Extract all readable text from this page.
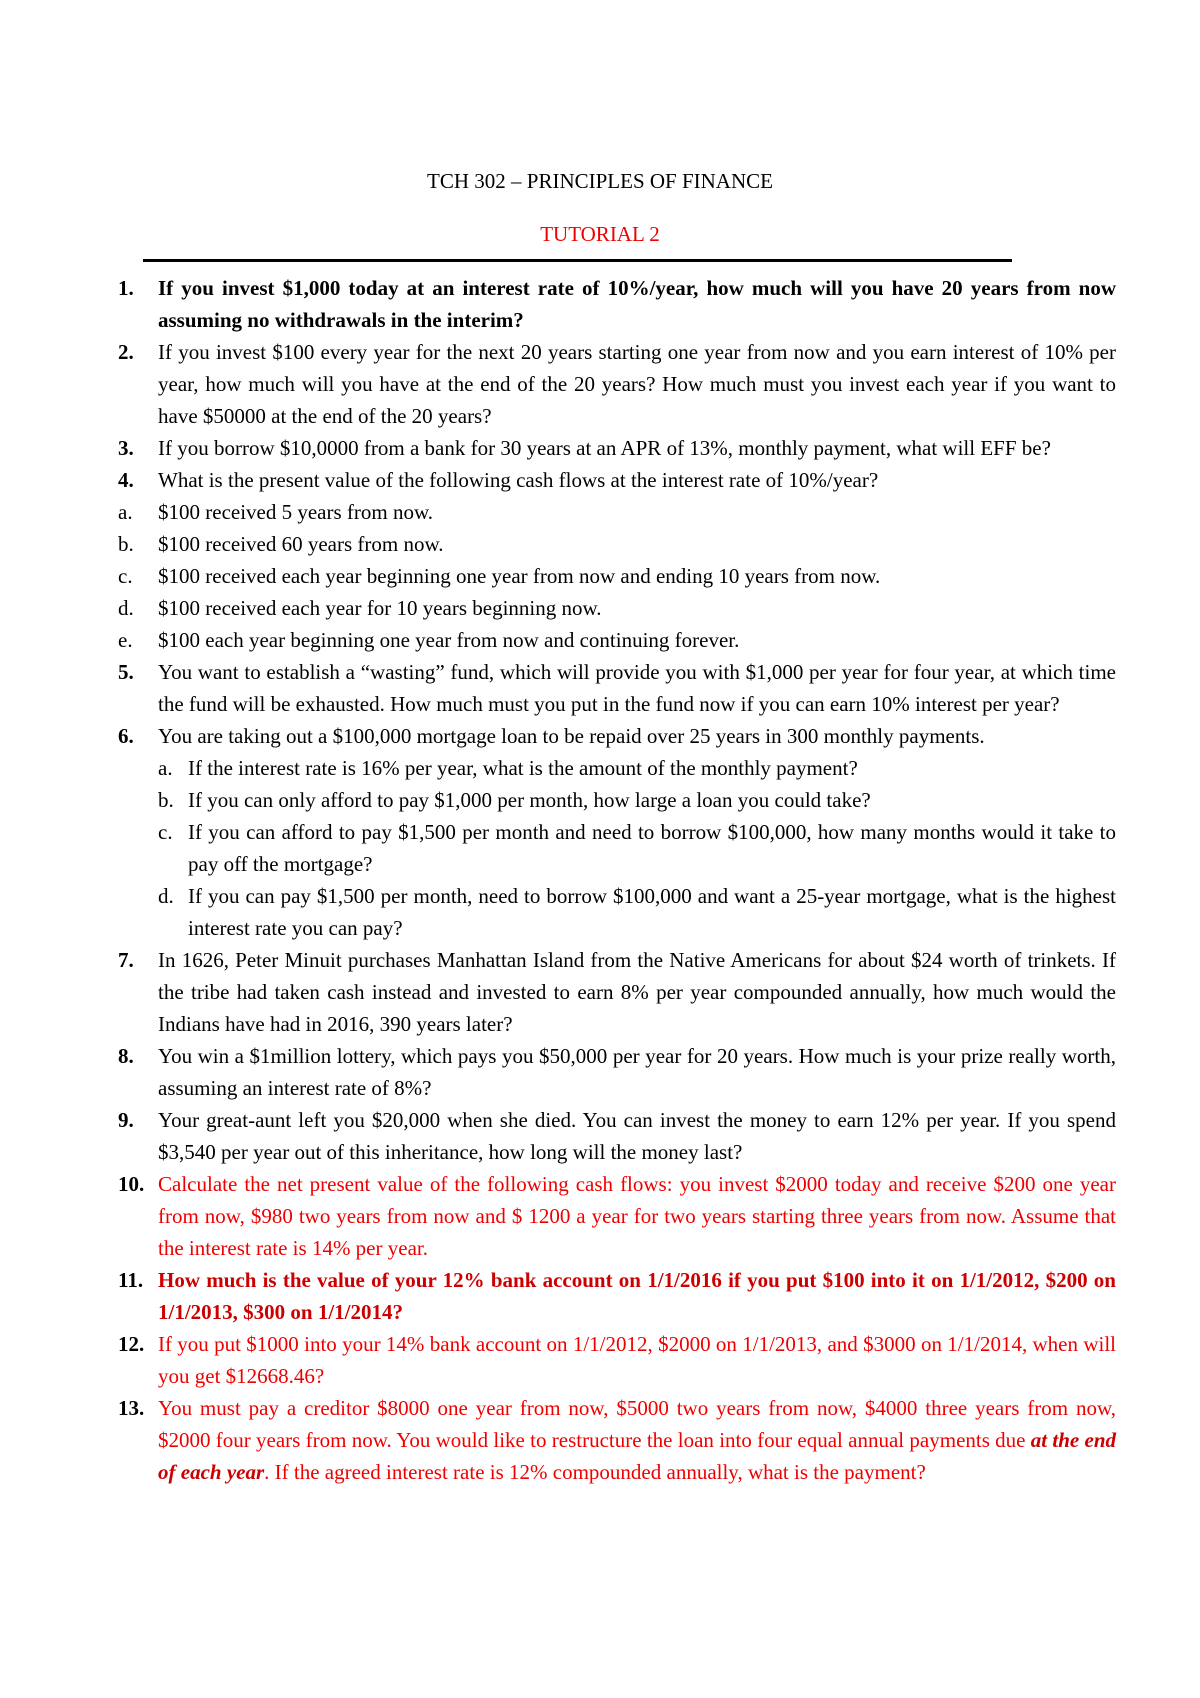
TCH 302 – PRINCIPLES OF FINANCE
TUTORIAL 2

1. If you invest $1,000 today at an interest rate of 10%/year, how much will you have 20 years from now assuming no withdrawals in the interim?

2. If you invest $100 every year for the next 20 years starting one year from now and you earn interest of 10% per year, how much will you have at the end of the 20 years? How much must you invest each year if you want to have $50000 at the end of the 20 years?

3. If you borrow $10,0000 from a bank for 30 years at an APR of 13%, monthly payment, what will EFF be?

4. What is the present value of the following cash flows at the interest rate of 10%/year?

a. $100 received 5 years from now.

b. $100 received 60 years from now.

c. $100 received each year beginning one year from now and ending 10 years from now.

d. $100 received each year for 10 years beginning now.

e. $100 each year beginning one year from now and continuing forever.

5. You want to establish a “wasting” fund, which will provide you with $1,000 per year for four year, at which time the fund will be exhausted. How much must you put in the fund now if you can earn 10% interest per year?

6. You are taking out a $100,000 mortgage loan to be repaid over 25 years in 300 monthly payments.

a. If the interest rate is 16% per year, what is the amount of the monthly payment?

b. If you can only afford to pay $1,000 per month, how large a loan you could take?

c. If you can afford to pay $1,500 per month and need to borrow $100,000, how many months would it take to pay off the mortgage?

d. If you can pay $1,500 per month, need to borrow $100,000 and want a 25-year mortgage, what is the highest interest rate you can pay?

7. In 1626, Peter Minuit purchases Manhattan Island from the Native Americans for about $24 worth of trinkets. If the tribe had taken cash instead and invested to earn 8% per year compounded annually, how much would the Indians have had in 2016, 390 years later?

8. You win a $1million lottery, which pays you $50,000 per year for 20 years. How much is your prize really worth, assuming an interest rate of 8%?

9. Your great-aunt left you $20,000 when she died. You can invest the money to earn 12% per year. If you spend $3,540 per year out of this inheritance, how long will the money last?

10. Calculate the net present value of the following cash flows: you invest $2000 today and receive $200 one year from now, $980 two years from now and $ 1200 a year for two years starting three years from now. Assume that the interest rate is 14% per year.

11. How much is the value of your 12% bank account on 1/1/2016 if you put $100 into it on 1/1/2012, $200 on 1/1/2013, $300 on 1/1/2014?

12. If you put $1000 into your 14% bank account on 1/1/2012, $2000 on 1/1/2013, and $3000 on 1/1/2014, when will you get $12668.46?

13. You must pay a creditor $8000 one year from now, $5000 two years from now, $4000 three years from now, $2000 four years from now. You would like to restructure the loan into four equal annual payments due at the end of each year. If the agreed interest rate is 12% compounded annually, what is the payment?
